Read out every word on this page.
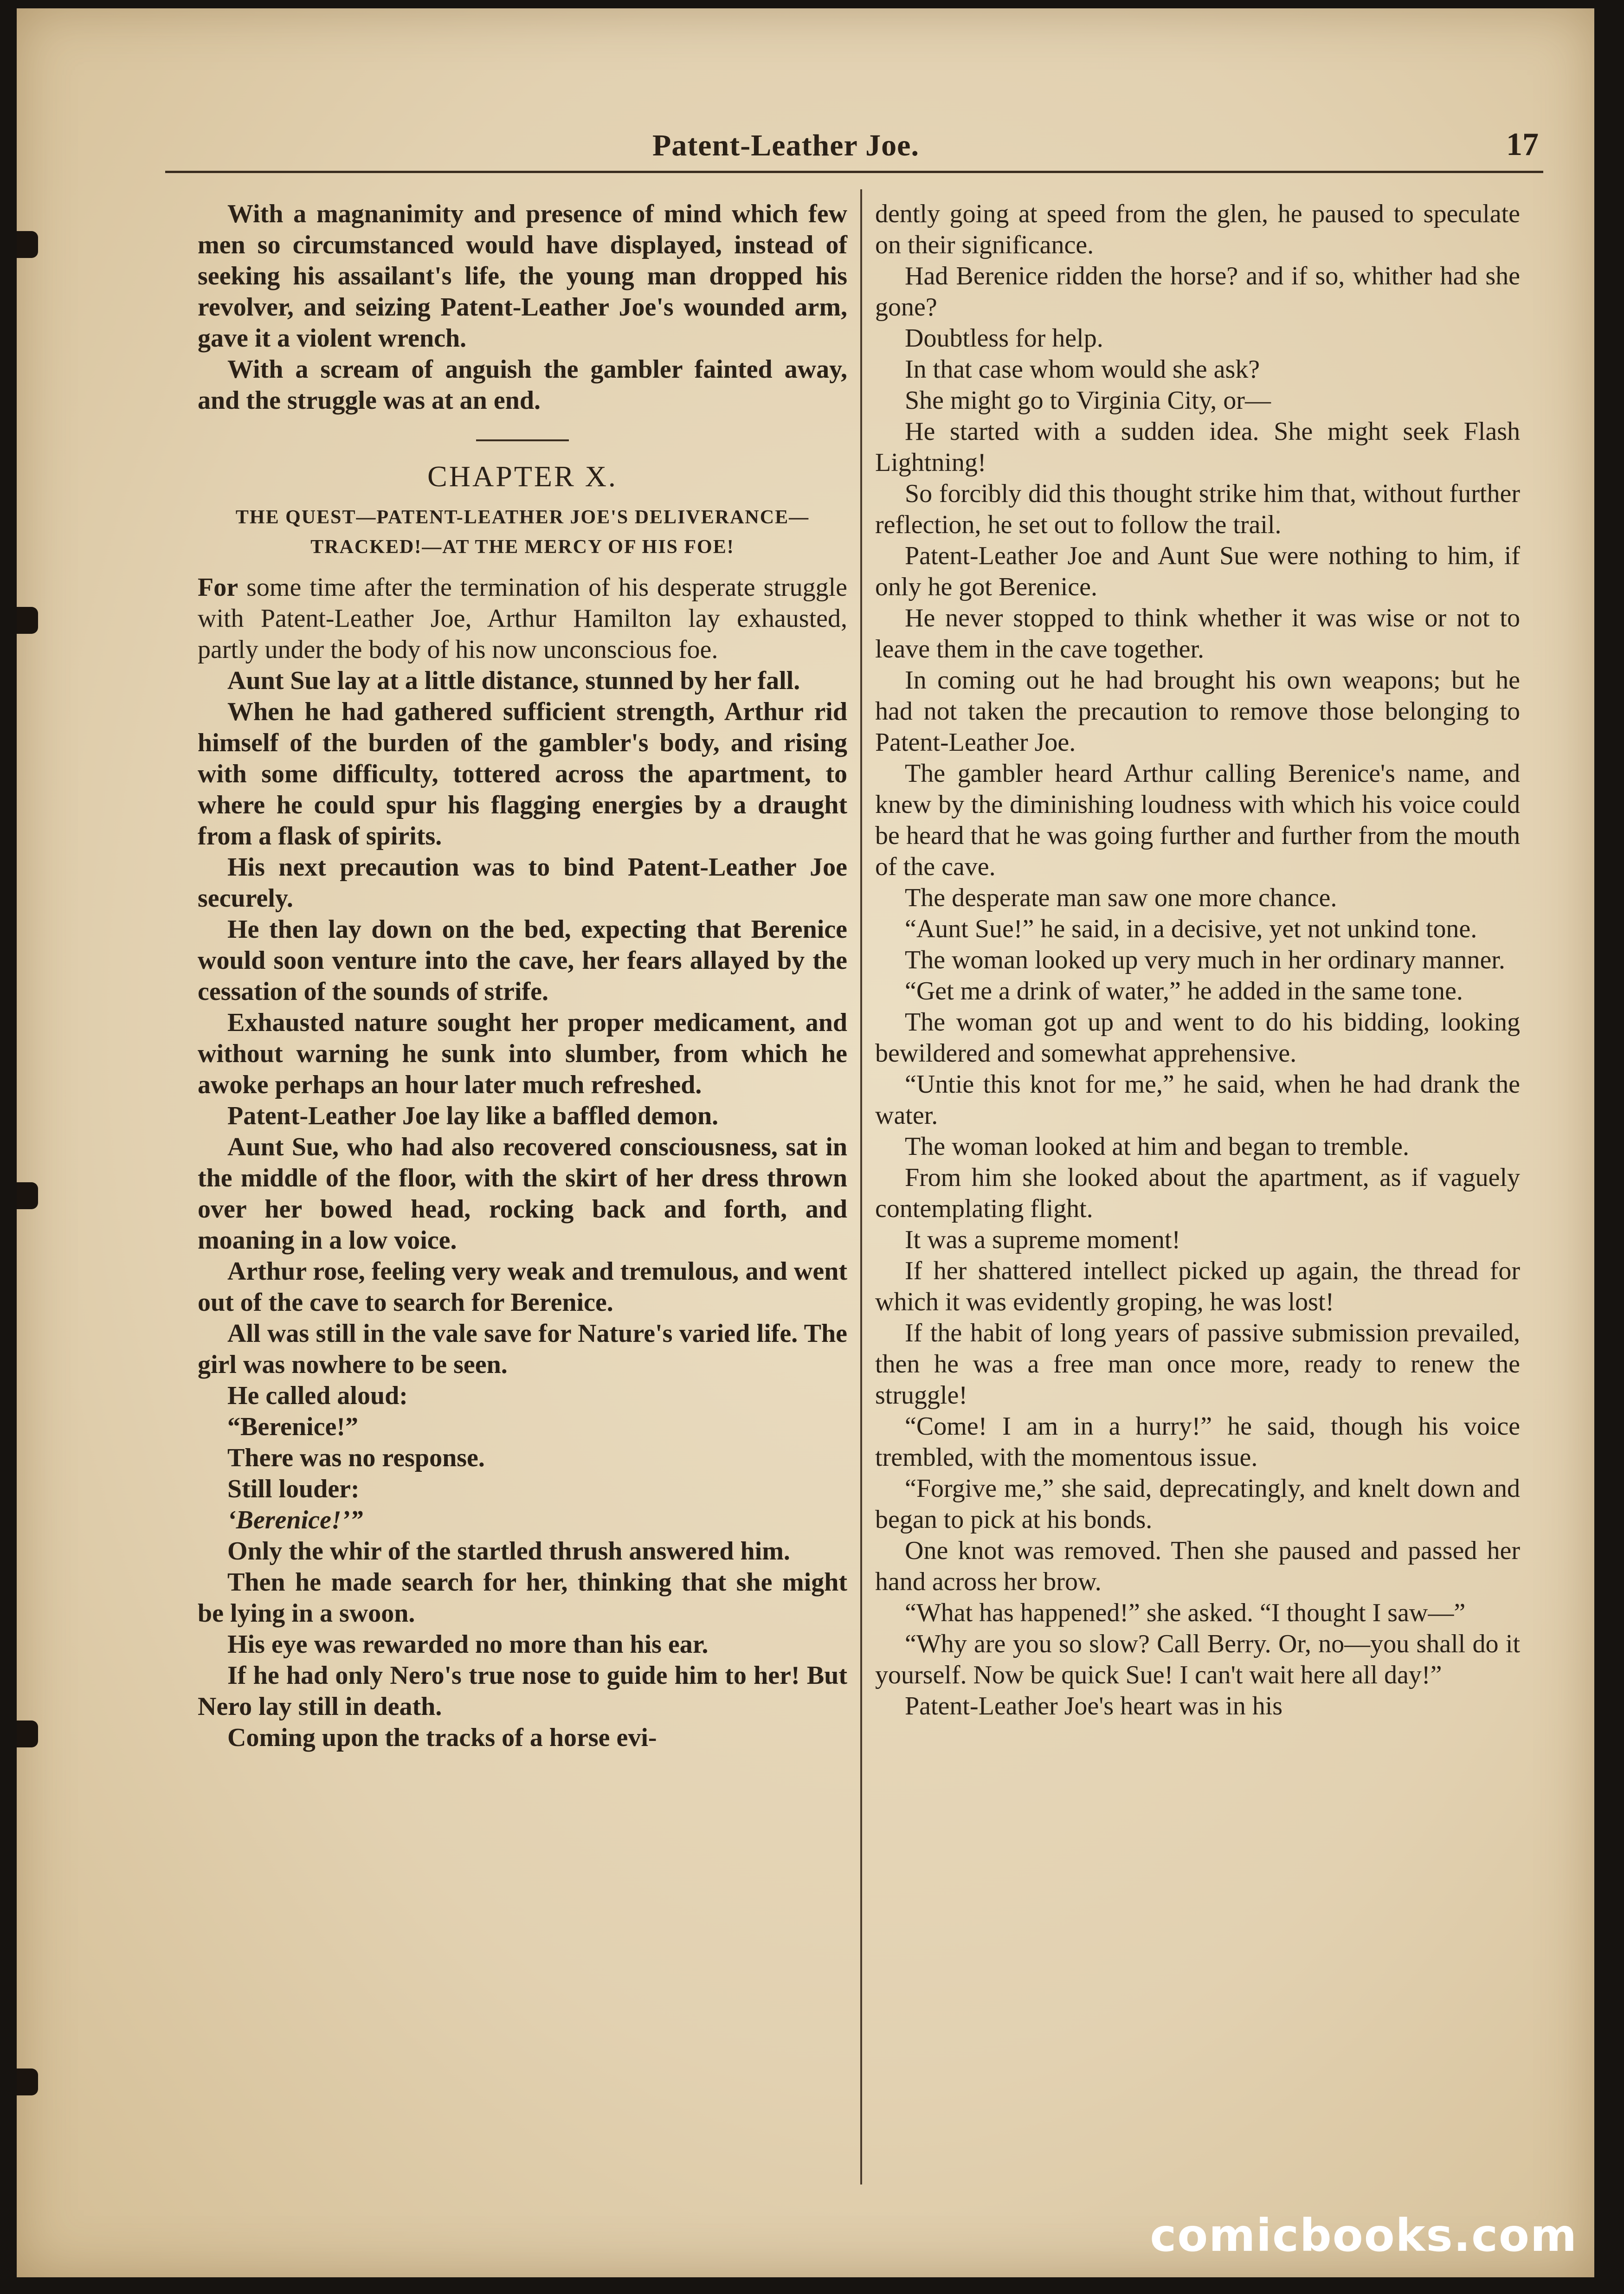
Patent-Leather Joe.	17

With a magnanimity and presence of mind which few men so circumstanced would have displayed, instead of seeking his assailant's life, the young man dropped his revolver, and seizing Patent-Leather Joe's wounded arm, gave it a violent wrench.

With a scream of anguish the gambler fainted away, and the struggle was at an end.

CHAPTER X.
THE QUEST—PATENT-LEATHER JOE'S DELIVERANCE—TRACKED!—AT THE MERCY OF HIS FOE!

For some time after the termination of his desperate struggle with Patent-Leather Joe, Arthur Hamilton lay exhausted, partly under the body of his now unconscious foe.

Aunt Sue lay at a little distance, stunned by her fall.

When he had gathered sufficient strength, Arthur rid himself of the burden of the gambler's body, and rising with some difficulty, tottered across the apartment, to where he could spur his flagging energies by a draught from a flask of spirits.

His next precaution was to bind Patent-Leather Joe securely.

He then lay down on the bed, expecting that Berenice would soon venture into the cave, her fears allayed by the cessation of the sounds of strife.

Exhausted nature sought her proper medicament, and without warning he sunk into slumber, from which he awoke perhaps an hour later much refreshed.

Patent-Leather Joe lay like a baffled demon.

Aunt Sue, who had also recovered consciousness, sat in the middle of the floor, with the skirt of her dress thrown over her bowed head, rocking back and forth, and moaning in a low voice.

Arthur rose, feeling very weak and tremulous, and went out of the cave to search for Berenice.

All was still in the vale save for Nature's varied life. The girl was nowhere to be seen.

He called aloud:

“Berenice!”

There was no response.

Still louder:

‘Berenice!’”

Only the whir of the startled thrush answered him.

Then he made search for her, thinking that she might be lying in a swoon.

His eye was rewarded no more than his ear.

If he had only Nero's true nose to guide him to her! But Nero lay still in death.

Coming upon the tracks of a horse evi-

dently going at speed from the glen, he paused to speculate on their significance.

Had Berenice ridden the horse? and if so, whither had she gone?

Doubtless for help.

In that case whom would she ask?

She might go to Virginia City, or—

He started with a sudden idea. She might seek Flash Lightning!

So forcibly did this thought strike him that, without further reflection, he set out to follow the trail.

Patent-Leather Joe and Aunt Sue were nothing to him, if only he got Berenice.

He never stopped to think whether it was wise or not to leave them in the cave together.

In coming out he had brought his own weapons; but he had not taken the precaution to remove those belonging to Patent-Leather Joe.

The gambler heard Arthur calling Berenice's name, and knew by the diminishing loudness with which his voice could be heard that he was going further and further from the mouth of the cave.

The desperate man saw one more chance.

“Aunt Sue!” he said, in a decisive, yet not unkind tone.

The woman looked up very much in her ordinary manner.

“Get me a drink of water,” he added in the same tone.

The woman got up and went to do his bidding, looking bewildered and somewhat apprehensive.

“Untie this knot for me,” he said, when he had drank the water.

The woman looked at him and began to tremble.

From him she looked about the apartment, as if vaguely contemplating flight.

It was a supreme moment!

If her shattered intellect picked up again, the thread for which it was evidently groping, he was lost!

If the habit of long years of passive submission prevailed, then he was a free man once more, ready to renew the struggle!

“Come! I am in a hurry!” he said, though his voice trembled, with the momentous issue.

“Forgive me,” she said, deprecatingly, and knelt down and began to pick at his bonds.

One knot was removed. Then she paused and passed her hand across her brow.

“What has happened!” she asked. “I thought I saw—”

“Why are you so slow? Call Berry. Or, no—you shall do it yourself. Now be quick Sue! I can't wait here all day!”

Patent-Leather Joe's heart was in his

comicbooks.com
